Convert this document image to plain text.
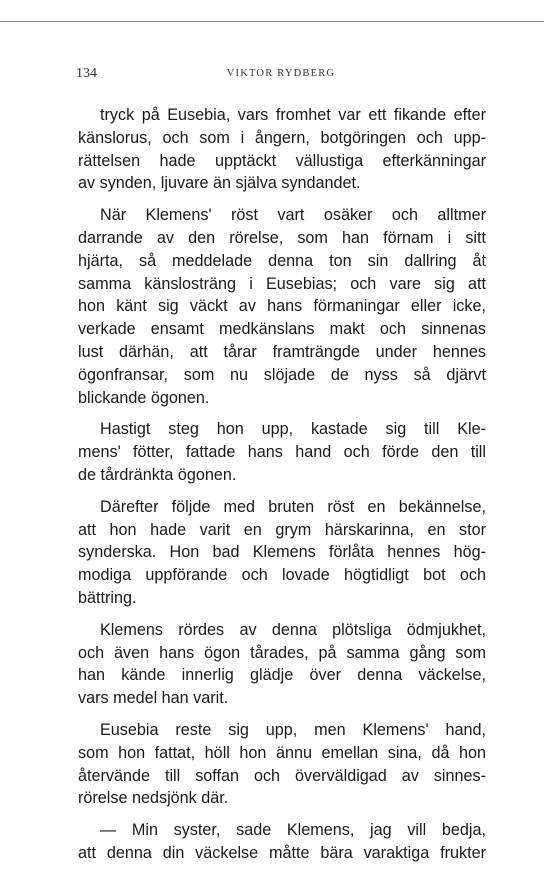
134	VIKTOR RYDBERG

tryck på Eusebia, vars fromhet var ett fikande efter
känslorus, och som i ångern, botgöringen och upp-
rättelsen hade upptäckt vällustiga efterkänningar
av synden, ljuvare än själva syndandet.

När Klemens' röst vart osäker och alltmer
darrande av den rörelse, som han förnam i sitt
hjärta, så meddelade denna ton sin dallring åt
samma känslosträng i Eusebias; och vare sig att
hon känt sig väckt av hans förmaningar eller icke,
verkade ensamt medkänslans makt och sinnenas
lust därhän, att tårar framträngde under hennes
ögonfransar, som nu slöjade de nyss så djärvt
blickande ögonen.

Hastigt steg hon upp, kastade sig till Kle-
mens' fötter, fattade hans hand och förde den till
de tårdränkta ögonen.

Därefter följde med bruten röst en bekännelse,
att hon hade varit en grym härskarinna, en stor
synderska. Hon bad Klemens förlåta hennes hög-
modiga uppförande och lovade högtidligt bot och
bättring.

Klemens rördes av denna plötsliga ödmjukhet,
och även hans ögon tårades, på samma gång som
han kände innerlig glädje över denna väckelse,
vars medel han varit.

Eusebia reste sig upp, men Klemens' hand,
som hon fattat, höll hon ännu emellan sina, då hon
återvände till soffan och överväldigad av sinnes-
rörelse nedsjönk där.

— Min syster, sade Klemens, jag vill bedja,
att denna din väckelse måtte bära varaktiga frukter
